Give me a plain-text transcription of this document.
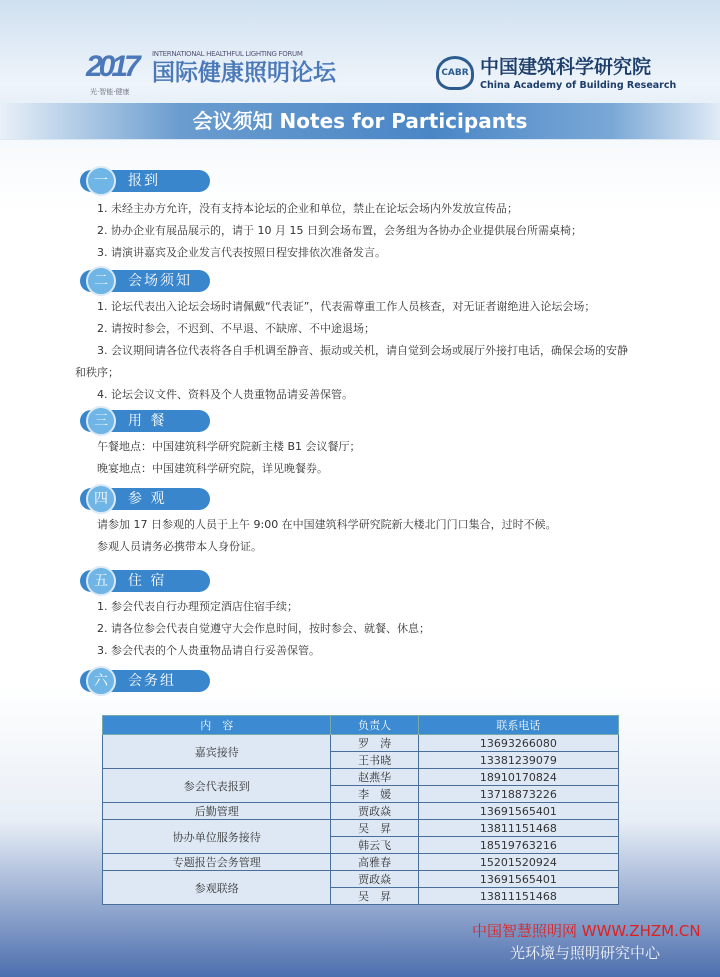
2017 INTERNATIONAL HEALTHFUL LIGHTING FORUM
国际健康照明论坛
光·智能·健康
CABR 中国建筑科学研究院
China Academy of Building Research
会议须知 Notes for Participants
一	报到
1. 未经主办方允许，没有支持本论坛的企业和单位，禁止在论坛会场内外发放宣传品；
2. 协办企业有展品展示的，请于 10 月 15 日到会场布置，会务组为各协办企业提供展台所需桌椅；
3. 请演讲嘉宾及企业发言代表按照日程安排依次准备发言。
二	会场须知
1. 论坛代表出入论坛会场时请佩戴“代表证”，代表需尊重工作人员核查，对无证者谢绝进入论坛会场；
2. 请按时参会，不迟到、不早退、不缺席、不中途退场；
3. 会议期间请各位代表将各自手机调至静音、振动或关机，请自觉到会场或展厅外接打电话，确保会场的安静和秩序；
4. 论坛会议文件、资料及个人贵重物品请妥善保管。
三	用 餐
午餐地点：中国建筑科学研究院新主楼 B1 会议餐厅；
晚宴地点：中国建筑科学研究院，详见晚餐券。
四	参 观
请参加 17 日参观的人员于上午 9:00 在中国建筑科学研究院新大楼北门门口集合，过时不候。
参观人员请务必携带本人身份证。
五	住 宿
1. 参会代表自行办理预定酒店住宿手续；
2. 请各位参会代表自觉遵守大会作息时间，按时参会、就餐、休息；
3. 参会代表的个人贵重物品请自行妥善保管。
六	会务组
内　容	负责人	联系电话
嘉宾接待	罗　涛	13693266080
	王书晓	13381239079
参会代表报到	赵燕华	18910170824
	李　媛	13718873226
后勤管理	贾政焱	13691565401
协办单位服务接待	吴　昇	13811151468
	韩云飞	18519763216
专题报告会务管理	高雅春	15201520924
参观联络	贾政焱	13691565401
	吴　昇	13811151468
中国智慧照明网 WWW.ZHZM.CN
光环境与照明研究中心
